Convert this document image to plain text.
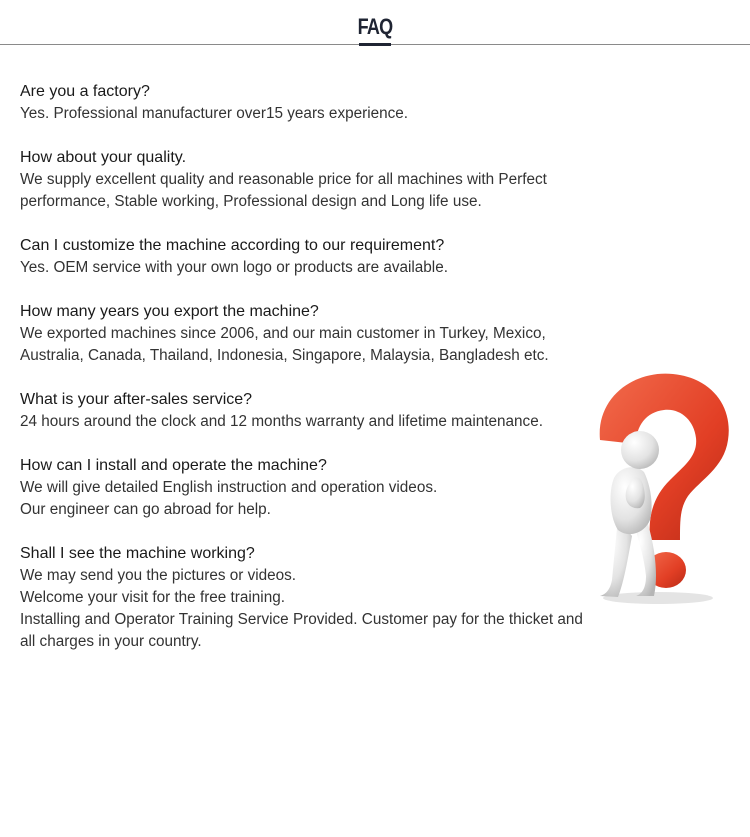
FAQ
Are you a factory?
Yes. Professional manufacturer over15 years experience.
How about your quality.
We supply excellent quality and reasonable price for all machines with Perfect
performance, Stable working, Professional design and Long life use.
Can I customize the machine according to our requirement?
Yes. OEM service with your own logo or products are available.
How many years you export the machine?
We exported machines since 2006, and our main customer in Turkey, Mexico,
Australia, Canada, Thailand, Indonesia, Singapore, Malaysia, Bangladesh etc.
What is your after-sales service?
24 hours around the clock and 12 months warranty and lifetime maintenance.
How can I install and operate the machine?
We will give detailed English instruction and operation videos.
Our engineer can go abroad for help.
Shall I see the machine working?
We may send you the pictures or videos.
Welcome your visit for the free training.
Installing and Operator Training Service Provided. Customer pay for the thicket and
all charges in your country.
